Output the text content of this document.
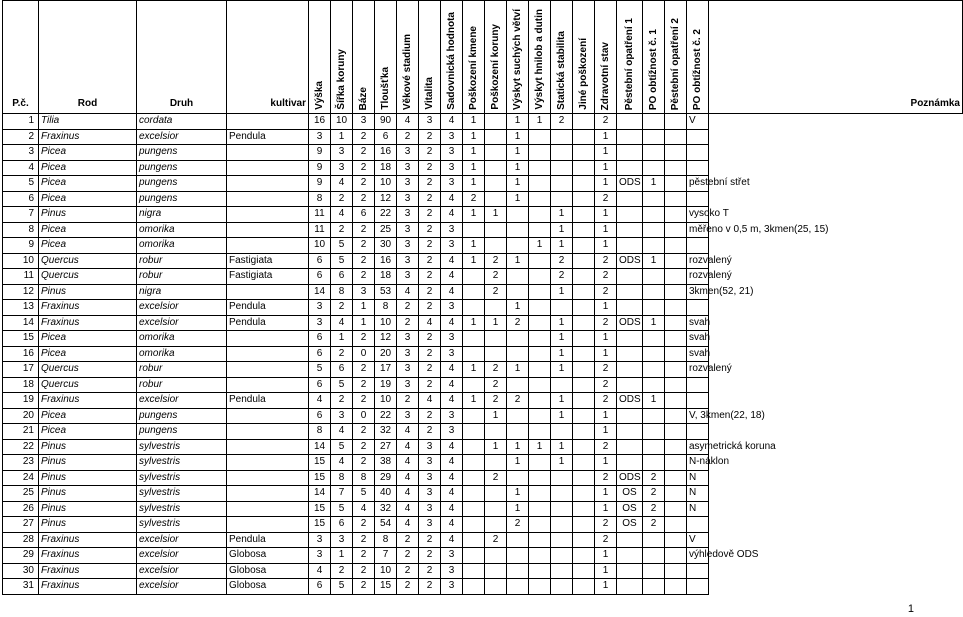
P.č.	Rod	Druh	kultivar	Výška	Šířka koruny	Báze	Tloušťka	Věkové stadium	Vitalita	Sadovnická hodnota	Poškození kmene	Poškození koruny	Výskyt suchých větví	Výskyt hnilob a dutin	Statická stabilita	Jiné poškození	Zdravotní stav	Pěstební opatření 1	PO obtížnost č. 1	Pěstební opatření 2	PO obtížnost č. 2	Poznámka
1	Tilia	cordata		16	10	3	90	4	3	4	1		1	1	2		2				V	
2	Fraxinus	excelsior	Pendula	3	1	2	6	2	2	3	1		1				1					
3	Picea	pungens		9	3	2	16	3	2	3	1		1				1					
4	Picea	pungens		9	3	2	18	3	2	3	1		1				1					
5	Picea	pungens		9	4	2	10	3	2	3	1		1				1	ODS	1		pěstební střet	
6	Picea	pungens		8	2	2	12	3	2	4	2		1				2					
7	Pinus	nigra		11	4	6	22	3	2	4	1	1			1		1				vysoko T	
8	Picea	omorika		11	2	2	25	3	2	3					1		1				měřeno v 0,5 m, 3kmen(25, 15)	
9	Picea	omorika		10	5	2	30	3	2	3	1			1	1		1					
10	Quercus	robur	Fastigiata	6	5	2	16	3	2	4	1	2	1		2		2	ODS	1		rozvalený	
11	Quercus	robur	Fastigiata	6	6	2	18	3	2	4		2			2		2				rozvalený	
12	Pinus	nigra		14	8	3	53	4	2	4		2			1		2				3kmen(52, 21)	
13	Fraxinus	excelsior	Pendula	3	2	1	8	2	2	3			1				1					
14	Fraxinus	excelsior	Pendula	3	4	1	10	2	4	4	1	1	2		1		2	ODS	1		svah	
15	Picea	omorika		6	1	2	12	3	2	3					1		1				svah	
16	Picea	omorika		6	2	0	20	3	2	3					1		1				svah	
17	Quercus	robur		5	6	2	17	3	2	4	1	2	1		1		2				rozvalený	
18	Quercus	robur		6	5	2	19	3	2	4		2					2					
19	Fraxinus	excelsior	Pendula	4	2	2	10	2	4	4	1	2	2		1		2	ODS	1			
20	Picea	pungens		6	3	0	22	3	2	3		1			1		1				V, 3kmen(22, 18)	
21	Picea	pungens		8	4	2	32	4	2	3							1					
22	Pinus	sylvestris		14	5	2	27	4	3	4		1	1	1	1		2				asymetrická koruna	
23	Pinus	sylvestris		15	4	2	38	4	3	4			1		1		1				N-náklon	
24	Pinus	sylvestris		15	8	8	29	4	3	4		2					2	ODS	2		N	
25	Pinus	sylvestris		14	7	5	40	4	3	4			1				1	OS	2		N	
26	Pinus	sylvestris		15	5	4	32	4	3	4			1				1	OS	2		N	
27	Pinus	sylvestris		15	6	2	54	4	3	4			2				2	OS	2			
28	Fraxinus	excelsior	Pendula	3	3	2	8	2	2	4		2					2				V	
29	Fraxinus	excelsior	Globosa	3	1	2	7	2	2	3							1				výhledově ODS	
30	Fraxinus	excelsior	Globosa	4	2	2	10	2	2	3							1					
31	Fraxinus	excelsior	Globosa	6	5	2	15	2	2	3							1					
1
